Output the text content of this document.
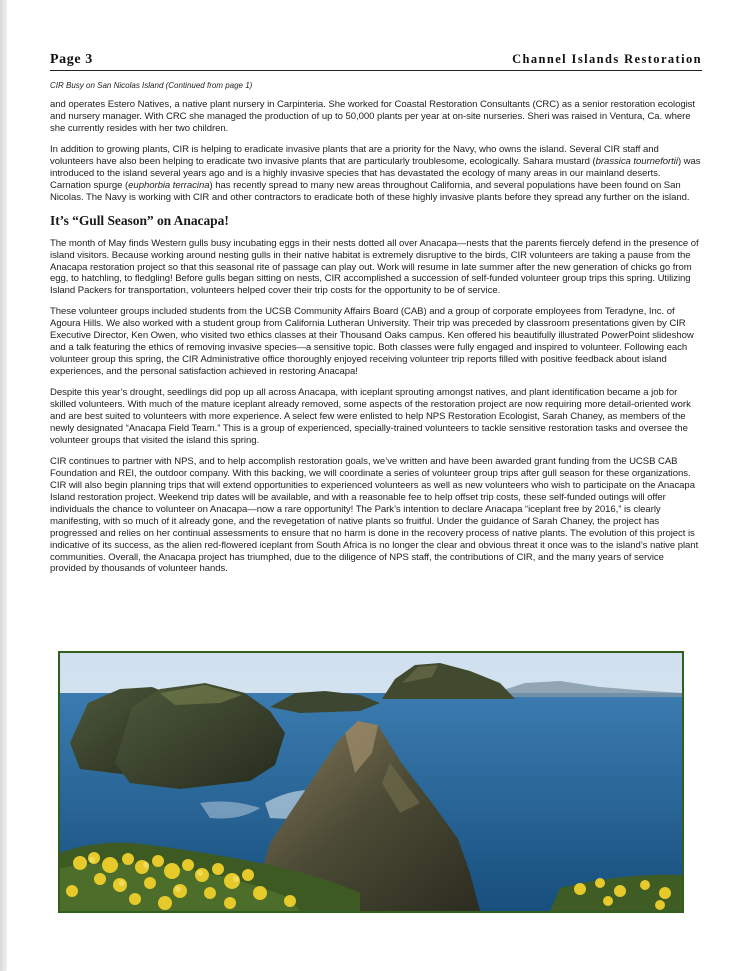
Page 3	Channel Islands Restoration
CIR Busy on San Nicolas Island (Continued from page 1)

and operates Estero Natives, a native plant nursery in Carpinteria. She worked for Coastal Restoration Consultants (CRC) as a senior restoration ecologist and nursery manager. With CRC she managed the production of up to 50,000 plants per year at on-site nurseries. Sheri was raised in Ventura, Ca. where she currently resides with her two children.

In addition to growing plants, CIR is helping to eradicate invasive plants that are a priority for the Navy, who owns the island. Several CIR staff and volunteers have also been helping to eradicate two invasive plants that are particularly troublesome, ecologically. Sahara mustard (brassica tournefortii) was introduced to the island several years ago and is a highly invasive species that has devastated the ecology of many areas in our mainland deserts. Carnation spurge (euphorbia terracina) has recently spread to many new areas throughout California, and several populations have been found on San Nicolas. The Navy is working with CIR and other contractors to eradicate both of these highly invasive plants before they spread any further on the island.

It’s “Gull Season” on Anacapa!

The month of May finds Western gulls busy incubating eggs in their nests dotted all over Anacapa—nests that the parents fiercely defend in the presence of island visitors. Because working around nesting gulls in their native habitat is extremely disruptive to the birds, CIR volunteers are taking a pause from the Anacapa restoration project so that this seasonal rite of passage can play out. Work will resume in late summer after the new generation of chicks go from egg, to hatchling, to fledgling! Before gulls began sitting on nests, CIR accomplished a succession of self-funded volunteer group trips this spring. Utilizing Island Packers for transportation, volunteers helped cover their trip costs for the opportunity to be of service.

These volunteer groups included students from the UCSB Community Affairs Board (CAB) and a group of corporate employees from Teradyne, Inc. of Agoura Hills. We also worked with a student group from California Lutheran University. Their trip was preceded by classroom presentations given by CIR Executive Director, Ken Owen, who visited two ethics classes at their Thousand Oaks campus. Ken offered his beautifully illustrated PowerPoint slideshow and a talk featuring the ethics of removing invasive species—a sensitive topic. Both classes were fully engaged and inspired to volunteer. Following each volunteer group this spring, the CIR Administrative office thoroughly enjoyed receiving volunteer trip reports filled with positive feedback about island experiences, and the personal satisfaction achieved in restoring Anacapa!

Despite this year’s drought, seedlings did pop up all across Anacapa, with iceplant sprouting amongst natives, and plant identification became a job for skilled volunteers. With much of the mature iceplant already removed, some aspects of the restoration project are now requiring more detail-oriented work and are best suited to volunteers with more experience. A select few were enlisted to help NPS Restoration Ecologist, Sarah Chaney, as members of the newly designated “Anacapa Field Team.” This is a group of experienced, specially-trained volunteers to tackle sensitive restoration tasks and oversee the volunteer groups that visited the island this spring.

CIR continues to partner with NPS, and to help accomplish restoration goals, we’ve written and have been awarded grant funding from the UCSB CAB Foundation and REI, the outdoor company. With this backing, we will coordinate a series of volunteer group trips after gull season for these organizations. CIR will also begin planning trips that will extend opportunities to experienced volunteers as well as new volunteers who wish to participate on the Anacapa Island restoration project. Weekend trip dates will be available, and with a reasonable fee to help offset trip costs, these self-funded outings will offer individuals the chance to volunteer on Anacapa—now a rare opportunity! The Park’s intention to declare Anacapa “iceplant free by 2016,” is clearly manifesting, with so much of it already gone, and the revegetation of native plants so fruitful. Under the guidance of Sarah Chaney, the project has progressed and relies on her continual assessments to ensure that no harm is done in the recovery process of native plants. The evolution of this project is indicative of its success, as the alien red-flowered iceplant from South Africa is no longer the clear and obvious threat it once was to the island’s native plant communities. Overall, the Anacapa project has triumphed, due to the diligence of NPS staff, the contributions of CIR, and the many years of service provided by thousands of volunteer hands.
